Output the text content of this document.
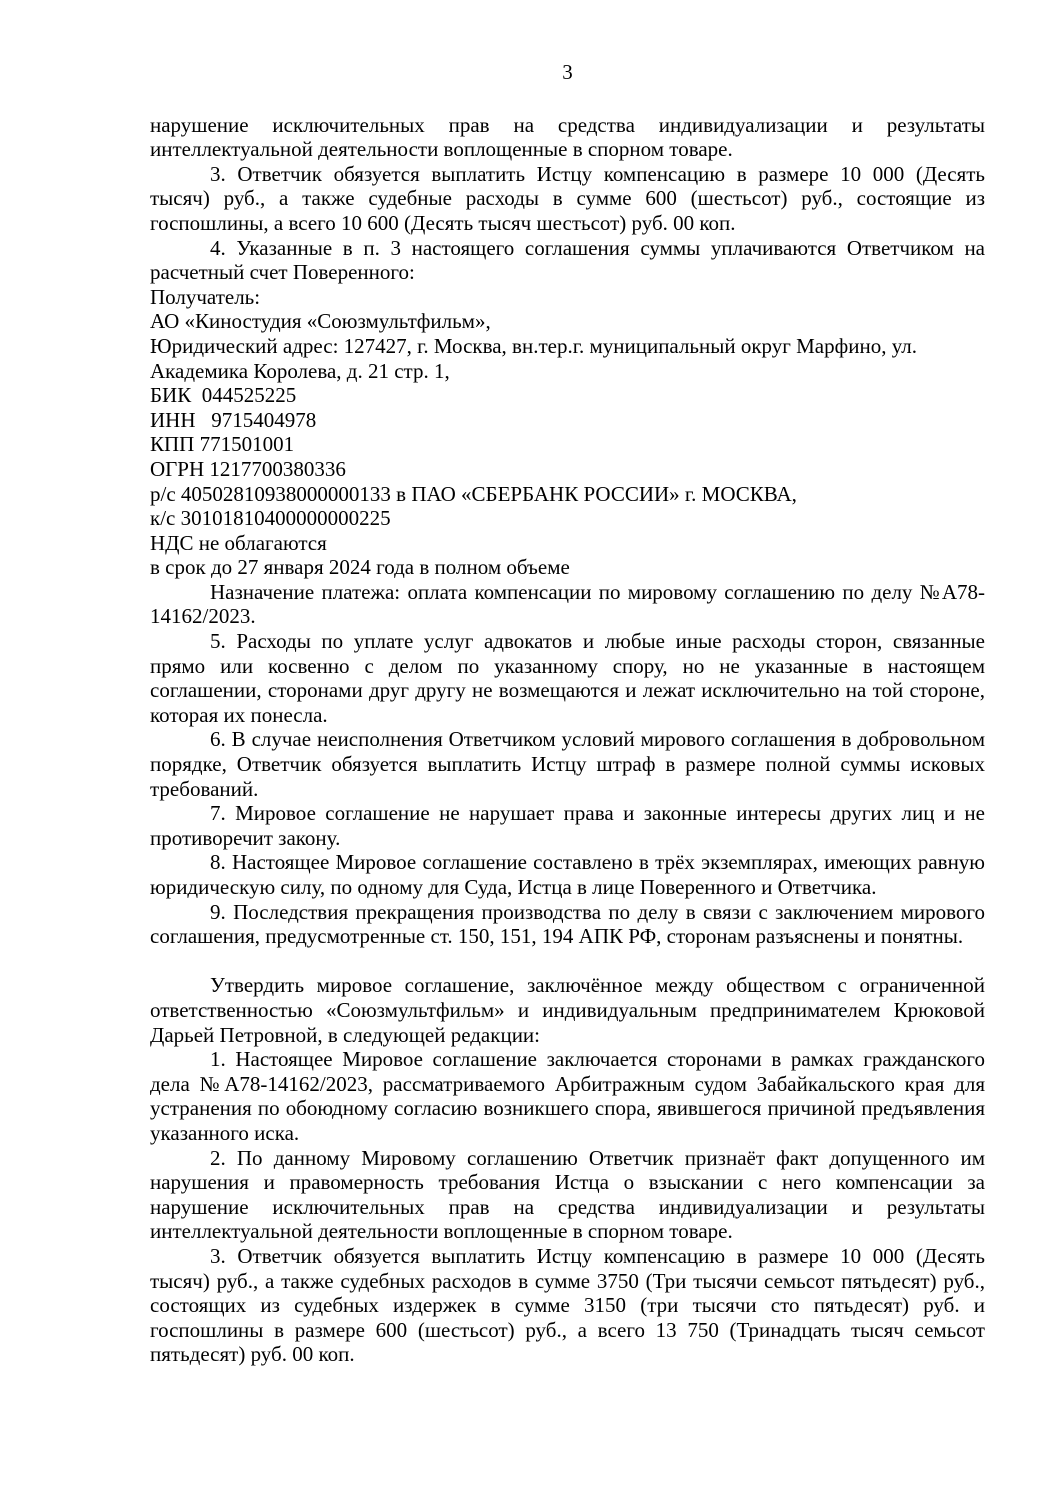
3

нарушение исключительных прав на средства индивидуализации и результаты интеллектуальной деятельности воплощенные в спорном товаре.

3. Ответчик обязуется выплатить Истцу компенсацию в размере 10 000 (Десять тысяч) руб., а также судебные расходы в сумме 600 (шестьсот) руб., состоящие из госпошлины, а всего 10 600 (Десять тысяч шестьсот) руб. 00 коп.

4. Указанные в п. 3 настоящего соглашения суммы уплачиваются Ответчиком на расчетный счет Поверенного:

Получатель:

АО «Киностудия «Союзмультфильм»,

Юридический адрес: 127427, г. Москва, вн.тер.г. муниципальный округ Марфино, ул.

Академика Королева, д. 21 стр. 1,

БИК  044525225

ИНН   9715404978

КПП 771501001

ОГРН 1217700380336

р/с 40502810938000000133 в ПАО «СБЕРБАНК РОССИИ» г. МОСКВА,

к/с 30101810400000000225

НДС не облагаются

в срок до 27 января 2024 года в полном объеме

Назначение платежа: оплата компенсации по мировому соглашению по делу №А78-14162/2023.

5. Расходы по уплате услуг адвокатов и любые иные расходы сторон, связанные прямо или косвенно с делом по указанному спору, но не указанные в настоящем соглашении, сторонами друг другу не возмещаются и лежат исключительно на той стороне, которая их понесла.

6. В случае неисполнения Ответчиком условий мирового соглашения в добровольном порядке, Ответчик обязуется выплатить Истцу штраф в размере полной суммы исковых требований.

7. Мировое соглашение не нарушает права и законные интересы других лиц и не противоречит закону.

8. Настоящее Мировое соглашение составлено в трёх экземплярах, имеющих равную юридическую силу, по одному для Суда, Истца в лице Поверенного и Ответчика.

9. Последствия прекращения производства по делу в связи с заключением мирового соглашения, предусмотренные ст. 150, 151, 194 АПК РФ, сторонам разъяснены и понятны.

Утвердить мировое соглашение, заключённое между обществом с ограниченной ответственностью «Союзмультфильм» и индивидуальным предпринимателем Крюковой Дарьей Петровной, в следующей редакции:

1. Настоящее Мировое соглашение заключается сторонами в рамках гражданского дела №А78-14162/2023, рассматриваемого Арбитражным судом Забайкальского края для устранения по обоюдному согласию возникшего спора, явившегося причиной предъявления указанного иска.

2. По данному Мировому соглашению Ответчик признаёт факт допущенного им нарушения и правомерность требования Истца о взыскании с него компенсации за нарушение исключительных прав на средства индивидуализации и результаты интеллектуальной деятельности воплощенные в спорном товаре.

3. Ответчик обязуется выплатить Истцу компенсацию в размере 10 000 (Десять тысяч) руб., а также судебных расходов в сумме 3750 (Три тысячи семьсот пятьдесят) руб., состоящих из судебных издержек в сумме 3150 (три тысячи сто пятьдесят) руб. и госпошлины в размере 600 (шестьсот) руб., а всего 13 750 (Тринадцать тысяч семьсот пятьдесят) руб. 00 коп.
